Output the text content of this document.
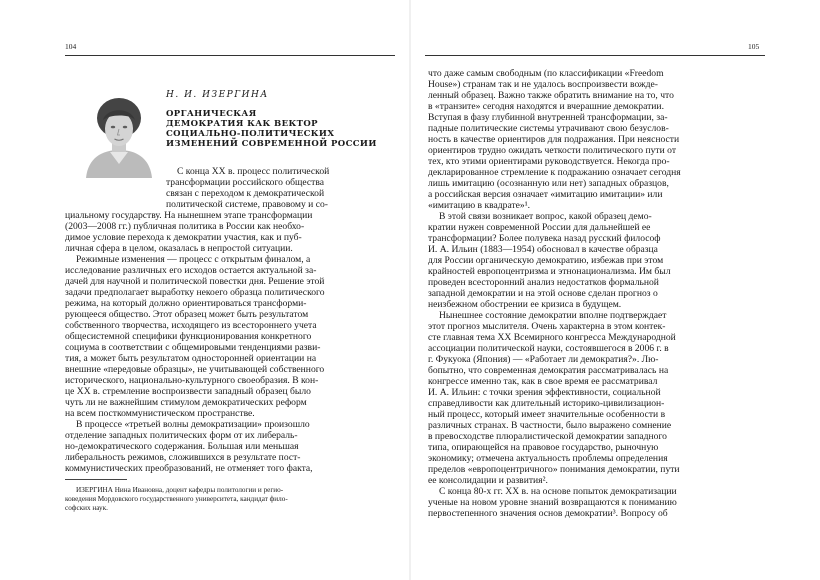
104
Н. И. ИЗЕРГИНА
ОРГАНИЧЕСКАЯ
ДЕМОКРАТИЯ КАК ВЕКТОР
СОЦИАЛЬНО-ПОЛИТИЧЕСКИХ
ИЗМЕНЕНИЙ СОВРЕМЕННОЙ РОССИИ
С конца XX в. процесс политической
трансформации российского общества
связан с переходом к демократической
политической системе, правовому и со-
циальному государству. На нынешнем этапе трансформации
(2003—2008 гг.) публичная политика в России как необхо-
димое условие перехода к демократии участия, как и пуб-
личная сфера в целом, оказалась в непростой ситуации.
Режимные изменения — процесс с открытым финалом, а
исследование различных его исходов остается актуальной за-
дачей для научной и политической повестки дня. Решение этой
задачи предполагает выработку некоего образца политического
режима, на который должно ориентироваться трансформи-
рующееся общество. Этот образец может быть результатом
собственного творчества, исходящего из всестороннего учета
общесистемной специфики функционирования конкретного
социума в соответствии с общемировыми тенденциями разви-
тия, а может быть результатом односторонней ориентации на
внешние «передовые образцы», не учитывающей собственного
исторического, национально-культурного своеобразия. В кон-
це XX в. стремление воспроизвести западный образец было
чуть ли не важнейшим стимулом демократических реформ
на всем посткоммунистическом пространстве.
В процессе «третьей волны демократизации» произошло
отделение западных политических форм от их либераль-
но-демократического содержания. Большая или меньшая
либеральность режимов, сложившихся в результате пост-
коммунистических преобразований, не отменяет того факта,
ИЗЕРГИНА Нина Ивановна, доцент кафедры политологии и регио-
коведения Мордовского государственного университета, кандидат фило-
софских наук.
105
что даже самым свободным (по классификации «Freedom
House») странам так и не удалось воспроизвести вожде-
ленный образец. Важно также обратить внимание на то, что
в «транзите» сегодня находятся и вчерашние демократии.
Вступая в фазу глубинной внутренней трансформации, за-
падные политические системы утрачивают свою безуслов-
ность в качестве ориентиров для подражания. При неясности
ориентиров трудно ожидать четкости политического пути от
тех, кто этими ориентирами руководствуется. Некогда про-
декларированное стремление к подражанию означает сегодня
лишь имитацию (осознанную или нет) западных образцов,
а российская версия означает «имитацию имитации» или
«имитацию в квадрате»¹.
В этой связи возникает вопрос, какой образец демо-
кратии нужен современной России для дальнейшей ее
трансформации? Более полувека назад русский философ
И. А. Ильин (1883—1954) обосновал в качестве образца
для России органическую демократию, избежав при этом
крайностей европоцентризма и этнонационализма. Им был
проведен всесторонний анализ недостатков формальной
западной демократии и на этой основе сделан прогноз о
неизбежном обострении ее кризиса в будущем.
Нынешнее состояние демократии вполне подтверждает
этот прогноз мыслителя. Очень характерна в этом контек-
сте главная тема XX Всемирного конгресса Международной
ассоциации политической науки, состоявшегося в 2006 г. в
г. Фукуока (Япония) — «Работает ли демократия?». Лю-
бопытно, что современная демократия рассматривалась на
конгрессе именно так, как в свое время ее рассматривал
И. А. Ильин: с точки зрения эффективности, социальной
справедливости как длительный историко-цивилизацион-
ный процесс, который имеет значительные особенности в
различных странах. В частности, было выражено сомнение
в превосходстве плюралистической демократии западного
типа, опирающейся на правовое государство, рыночную
экономику; отмечена актуальность проблемы определения
пределов «европоцентричного» понимания демократии, пути
ее консолидации и развития².
С конца 80-х гг. XX в. на основе попыток демократизации
ученые на новом уровне знаний возвращаются к пониманию
первостепенного значения основ демократии³. Вопросу об
